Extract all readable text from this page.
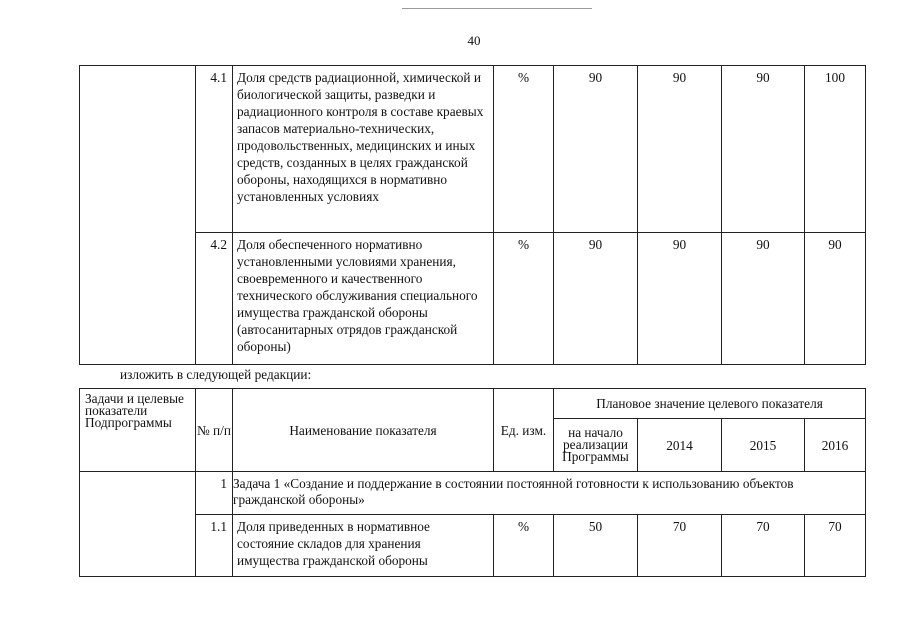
40
	4.1	Доля средств радиационной, химической и биологической защиты, разведки и радиационного контроля в составе краевых запасов материально-технических, продовольственных, медицинских и иных средств, созданных в целях гражданской обороны, находящихся в нормативно установленных условиях	%	90	90	90	100
	4.2	Доля обеспеченного нормативно установленными условиями хранения, своевременного и качественного технического обслуживания специального имущества гражданской обороны (автосанитарных отрядов гражданской обороны)	%	90	90	90	90
изложить в следующей редакции:
Задачи и целевые показатели Подпрограммы	№ п/п	Наименование показателя	Ед. изм.	Плановое значение целевого показателя			
				на начало реализации Программы	2014	2015	2016
	1	Задача 1 «Создание и поддержание в состоянии постоянной готовности к использованию объектов гражданской обороны»					
	1.1	Доля приведенных в нормативное состояние складов для хранения имущества гражданской обороны	%	50	70	70	70
